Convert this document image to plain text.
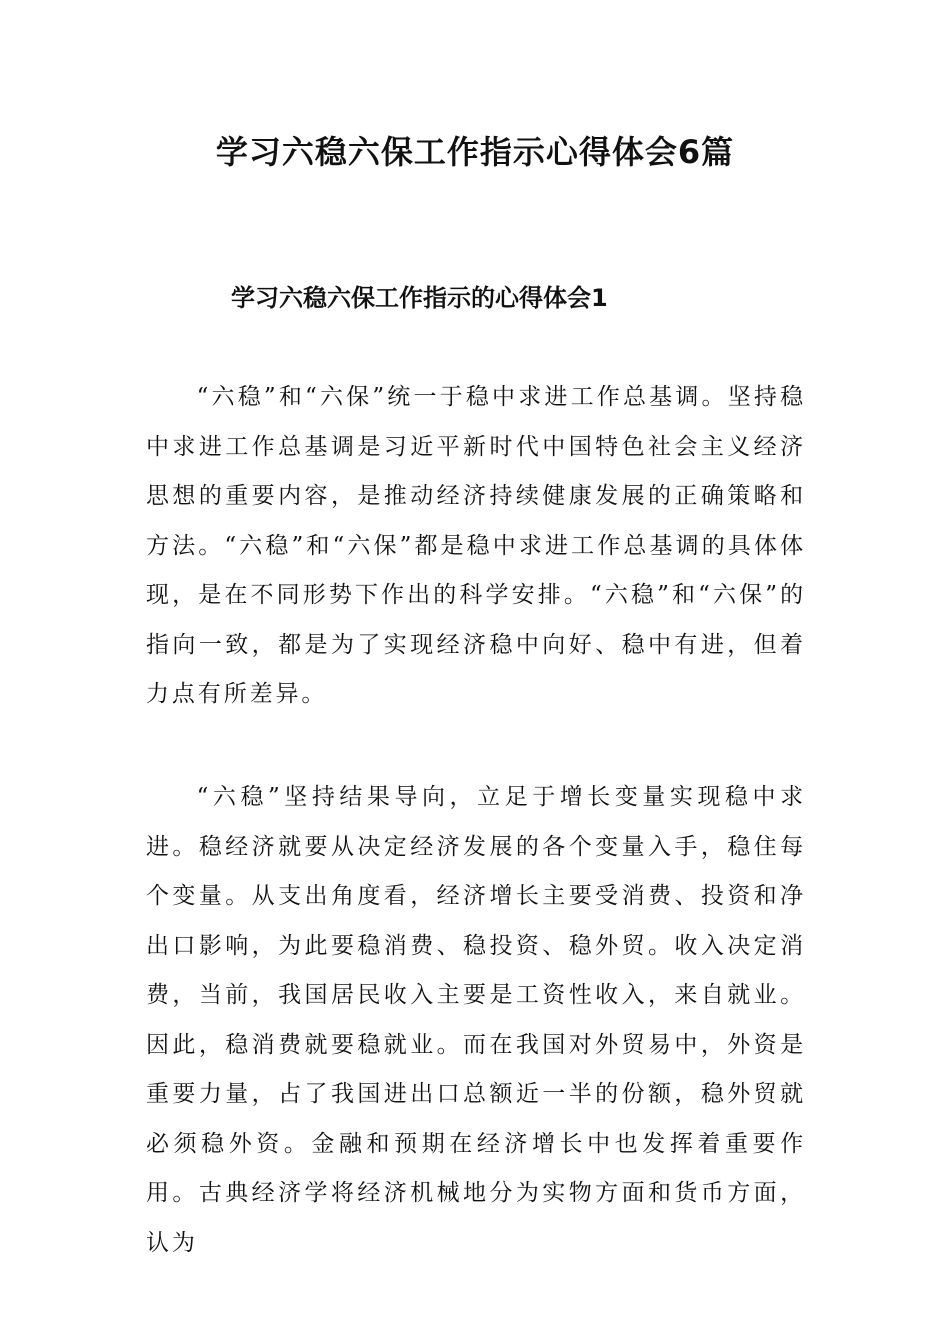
学习六稳六保工作指示心得体会6篇
学习六稳六保工作指示的心得体会1

“六稳”和“六保”统一于稳中求进工作总基调。坚持稳中求进工作总基调是习近平新时代中国特色社会主义经济思想的重要内容，是推动经济持续健康发展的正确策略和方法。“六稳”和“六保”都是稳中求进工作总基调的具体体现，是在不同形势下作出的科学安排。“六稳”和“六保”的指向一致，都是为了实现经济稳中向好、稳中有进，但着力点有所差异。

“六稳”坚持结果导向，立足于增长变量实现稳中求进。稳经济就要从决定经济发展的各个变量入手，稳住每个变量。从支出角度看，经济增长主要受消费、投资和净出口影响，为此要稳消费、稳投资、稳外贸。收入决定消费，当前，我国居民收入主要是工资性收入，来自就业。因此，稳消费就要稳就业。而在我国对外贸易中，外资是重要力量，占了我国进出口总额近一半的份额，稳外贸就必须稳外资。金融和预期在经济增长中也发挥着重要作用。古典经济学将经济机械地分为实物方面和货币方面，认为
